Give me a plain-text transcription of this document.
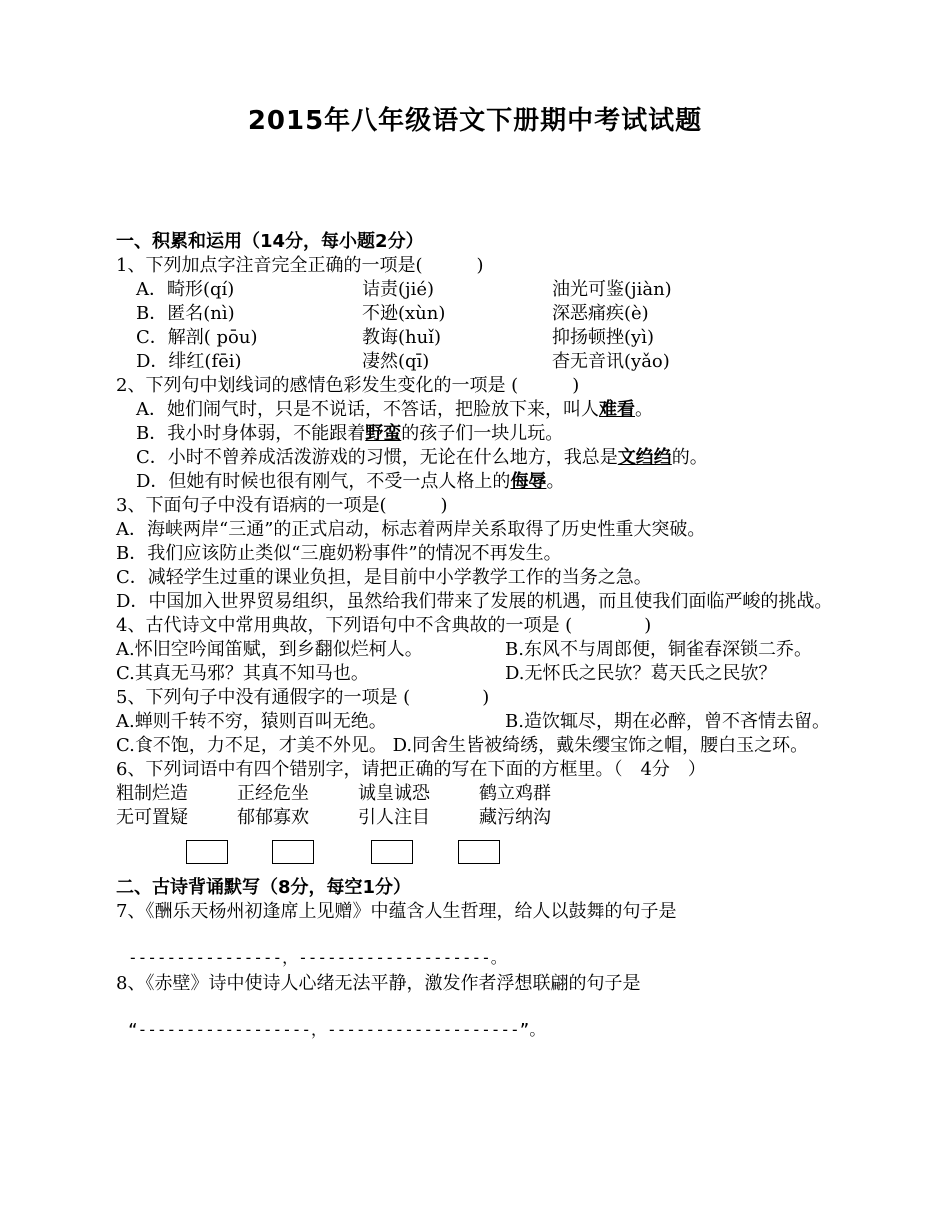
2015年八年级语文下册期中考试试题

一、积累和运用（14分，每小题2分）

1、下列加点字注音完全正确的一项是(　　　)

A．畸形(qí)	诘责(jié)	油光可鉴(jiàn)

B．匿名(nì)	不逊(xùn)	深恶痛疾(è)

C．解剖( pōu)	教诲(huǐ)	抑扬顿挫(yì)

D．绯红(fēi)	凄然(qī)	杳无音讯(yǎo)

2、下列句中划线词的感情色彩发生变化的一项是 (　　　)

A．她们闹气时，只是不说话，不答话，把脸放下来，叫人难看。

B．我小时身体弱，不能跟着野蛮的孩子们一块儿玩。

C．小时不曾养成活泼游戏的习惯，无论在什么地方，我总是文绉绉的。

D．但她有时候也很有刚气，不受一点人格上的侮辱。

3、下面句子中没有语病的一项是(　　　)

A．海峡两岸“三通”的正式启动，标志着两岸关系取得了历史性重大突破。

B．我们应该防止类似“三鹿奶粉事件”的情况不再发生。

C．减轻学生过重的课业负担，是目前中小学教学工作的当务之急。

D．中国加入世界贸易组织，虽然给我们带来了发展的机遇，而且使我们面临严峻的挑战。

4、古代诗文中常用典故，下列语句中不含典故的一项是 (　　　　)

A.怀旧空吟闻笛赋，到乡翻似烂柯人。	B.东风不与周郎便，铜雀春深锁二乔。

C.其真无马邪？其真不知马也。	D.无怀氏之民欤？葛天氏之民欤？

5、下列句子中没有通假字的一项是 (　　　　)

A.蝉则千转不穷，猿则百叫无绝。	B.造饮辄尽，期在必醉，曾不吝情去留。

C.食不饱，力不足，才美不外见。 D.同舍生皆被绮绣，戴朱缨宝饰之帽，腰白玉之环。

6、下列词语中有四个错别字，请把正确的写在下面的方框里。（　4分　）

粗制烂造	正经危坐	诚皇诚恐	鹤立鸡群

无可置疑	郁郁寡欢	引人注目	藏污纳沟

二、古诗背诵默写（8分，每空1分）

7、《酬乐天杨州初逢席上见赠》中蕴含人生哲理，给人以鼓舞的句子是

----------------，--------------------。

8、《赤壁》诗中使诗人心绪无法平静，激发作者浮想联翩的句子是

“------------------，--------------------”。
